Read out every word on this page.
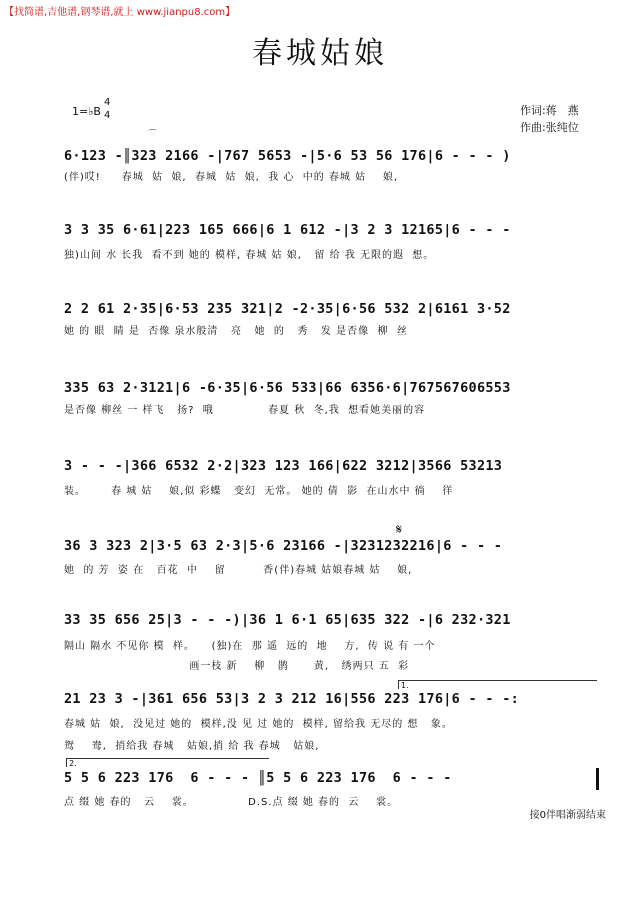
【找简谱,吉他谱,钢琴谱,就上 www.jianpu8.com】
春城姑娘
1=♭B
4
4	作词:蒋　燕
作曲:张纯位
⌒
6·123 -║323 2166 -|767 5653 -|5·6 53 56 176|6 - - - )
(伴)哎!     春城  姑  娘,  春城  姑  娘,  我 心  中的 春城 姑    娘,
3 3 35 6·61|223 165 666|6 1 612 -|3 2 3 12165|6 - - -
独)山间 水 长我  看不到 她的 模样, 春城 姑 娘,   留 给 我 无限的遐  想。
2 2 61 2·35|6·53 235 321|2 -2·35|6·56 532 2|6161 3·52
她 的 眼  睛 是  否像 泉水般清   亮   她  的   秀   发 是否像  柳  丝
335 63 2·3121|6 -6·35|6·56 533|66 6356·6|767567606553
是否像 柳丝 一 样飞   扬?  哦             春夏 秋  冬,我  想看她美丽的容
3 - - -|366 6532 2·2|323 123 166|622 3212|3566 53213
装。      春 城 姑    娘,似 彩蝶   变幻  无常。 她的 倩  影  在山水中 徜    徉
𝄋
36 3 323 2|3·5 63 2·3|5·6 23166 -|3231232216|6 - - -
她  的 芳  姿 在   百花  中    留         香(伴)春城 姑娘春城 姑    娘,
33 35 656 25|3 - - -)|36 1 6·1 65|635 322 -|6 232·321
隔山 隔水 不见你 模  样。    (独)在  那 遥  远的  地    方,  传 说 有 一个
画一枝 新    柳   鹊      黄,   绣两只 五  彩
1.
21 23 3 -|361 656 53|3 2 3 212 16|556 223 176|6 - - -:
春城 姑  娘,  没见过 她的  模样,没 见 过 她的  模样, 留给我 无尽的 想   象。
鸳    鸯,  捎给我 春城   姑娘,捎 给 我 春城   姑娘,
2.
5 5 6 223 176  6 - - - ║5 5 6 223 176  6 - - -
点 缀 她 春的   云    裳。             D.S.点 缀 她 春的  云    裳。
接0伴唱渐弱结束
